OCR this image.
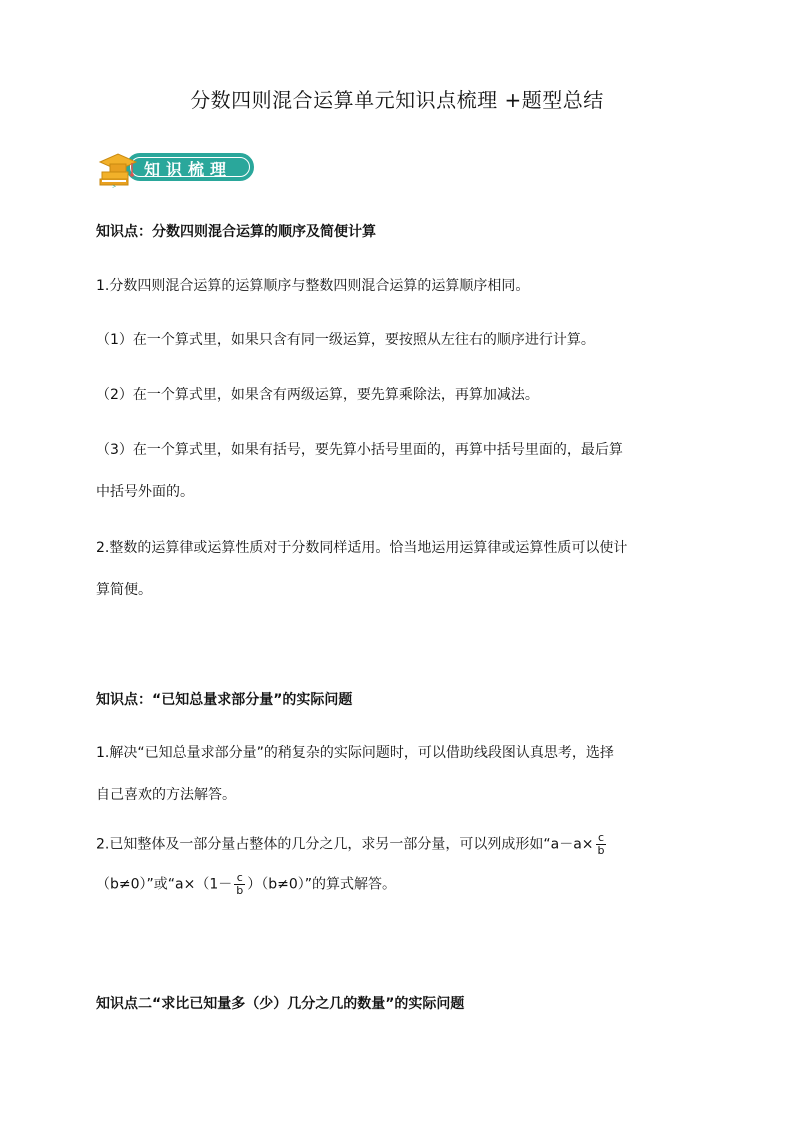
分数四则混合运算单元知识点梳理 +题型总结
>
知识梳理
知识点：分数四则混合运算的顺序及简便计算
1.分数四则混合运算的运算顺序与整数四则混合运算的运算顺序相同。
（1）在一个算式里，如果只含有同一级运算，要按照从左往右的顺序进行计算。
（2）在一个算式里，如果含有两级运算，要先算乘除法，再算加减法。
（3）在一个算式里，如果有括号，要先算小括号里面的，再算中括号里面的，最后算
中括号外面的。
2.整数的运算律或运算性质对于分数同样适用。恰当地运用运算律或运算性质可以使计
算简便。
知识点：“已知总量求部分量”的实际问题
1.解决“已知总量求部分量”的稍复杂的实际问题时，可以借助线段图认真思考，选择
自己喜欢的方法解答。
2.已知整体及一部分量占整体的几分之几，求另一部分量，可以列成形如“$a-a\times \frac{c}{b}$
（b≠0）”或“$a\times(1- \frac{c}{b} )(b\ne 0)$”的算式解答。
知识点二“求比已知量多（少）几分之几的数量”的实际问题
